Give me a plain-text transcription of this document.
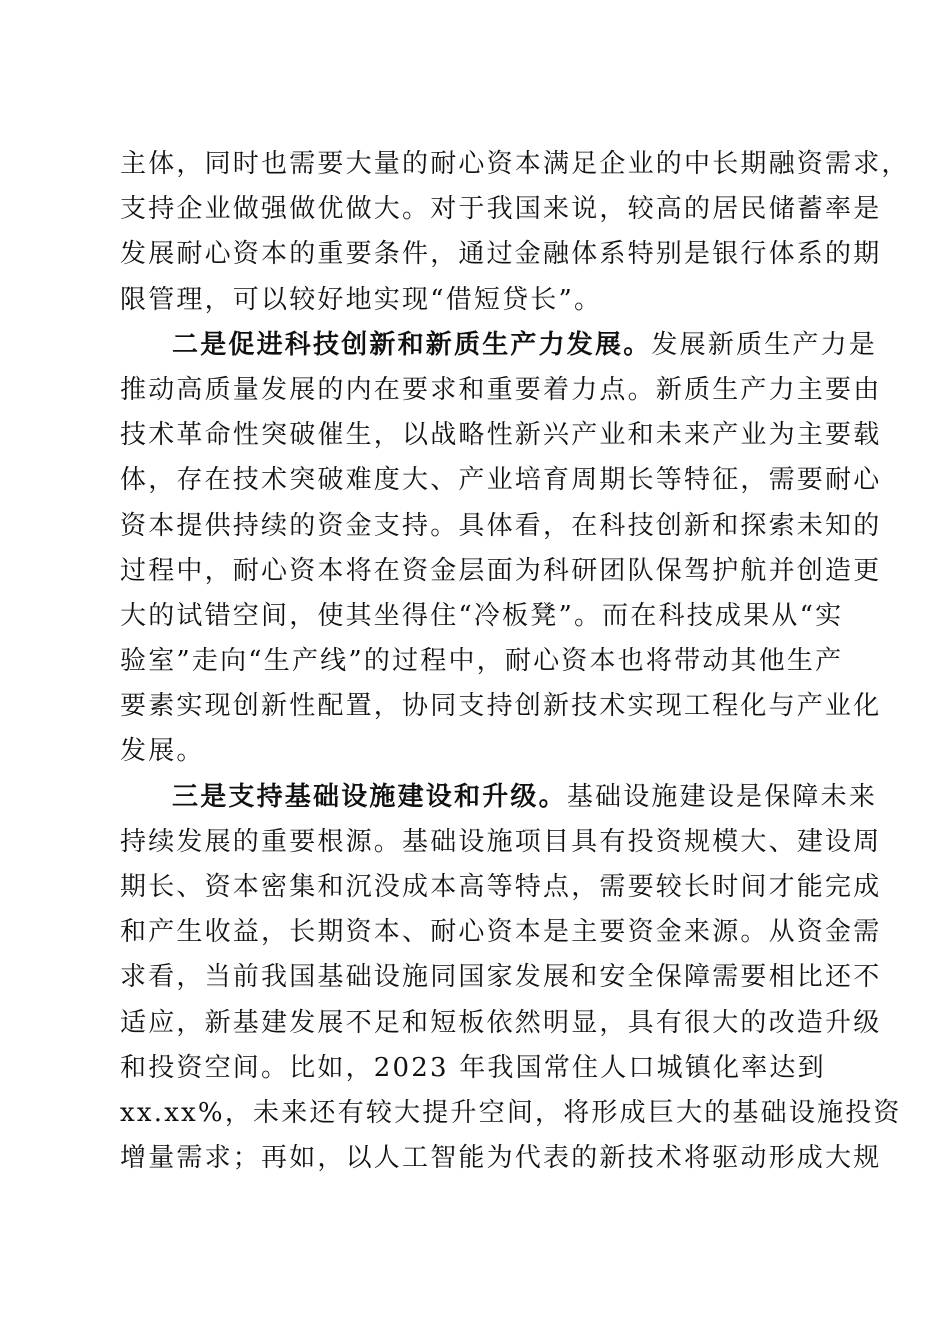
主体，同时也需要大量的耐心资本满足企业的中长期融资需求，
支持企业做强做优做大。对于我国来说，较高的居民储蓄率是
发展耐心资本的重要条件，通过金融体系特别是银行体系的期
限管理，可以较好地实现“借短贷长”。
二是促进科技创新和新质生产力发展。发展新质生产力是
推动高质量发展的内在要求和重要着力点。新质生产力主要由
技术革命性突破催生，以战略性新兴产业和未来产业为主要载
体，存在技术突破难度大、产业培育周期长等特征，需要耐心
资本提供持续的资金支持。具体看，在科技创新和探索未知的
过程中，耐心资本将在资金层面为科研团队保驾护航并创造更
大的试错空间，使其坐得住“冷板凳”。而在科技成果从“实
验室”走向“生产线”的过程中，耐心资本也将带动其他生产
要素实现创新性配置，协同支持创新技术实现工程化与产业化
发展。
三是支持基础设施建设和升级。基础设施建设是保障未来
持续发展的重要根源。基础设施项目具有投资规模大、建设周
期长、资本密集和沉没成本高等特点，需要较长时间才能完成
和产生收益，长期资本、耐心资本是主要资金来源。从资金需
求看，当前我国基础设施同国家发展和安全保障需要相比还不
适应，新基建发展不足和短板依然明显，具有很大的改造升级
和投资空间。比如，2023 年我国常住人口城镇化率达到
xx.xx%，未来还有较大提升空间，将形成巨大的基础设施投资
增量需求；再如，以人工智能为代表的新技术将驱动形成大规
